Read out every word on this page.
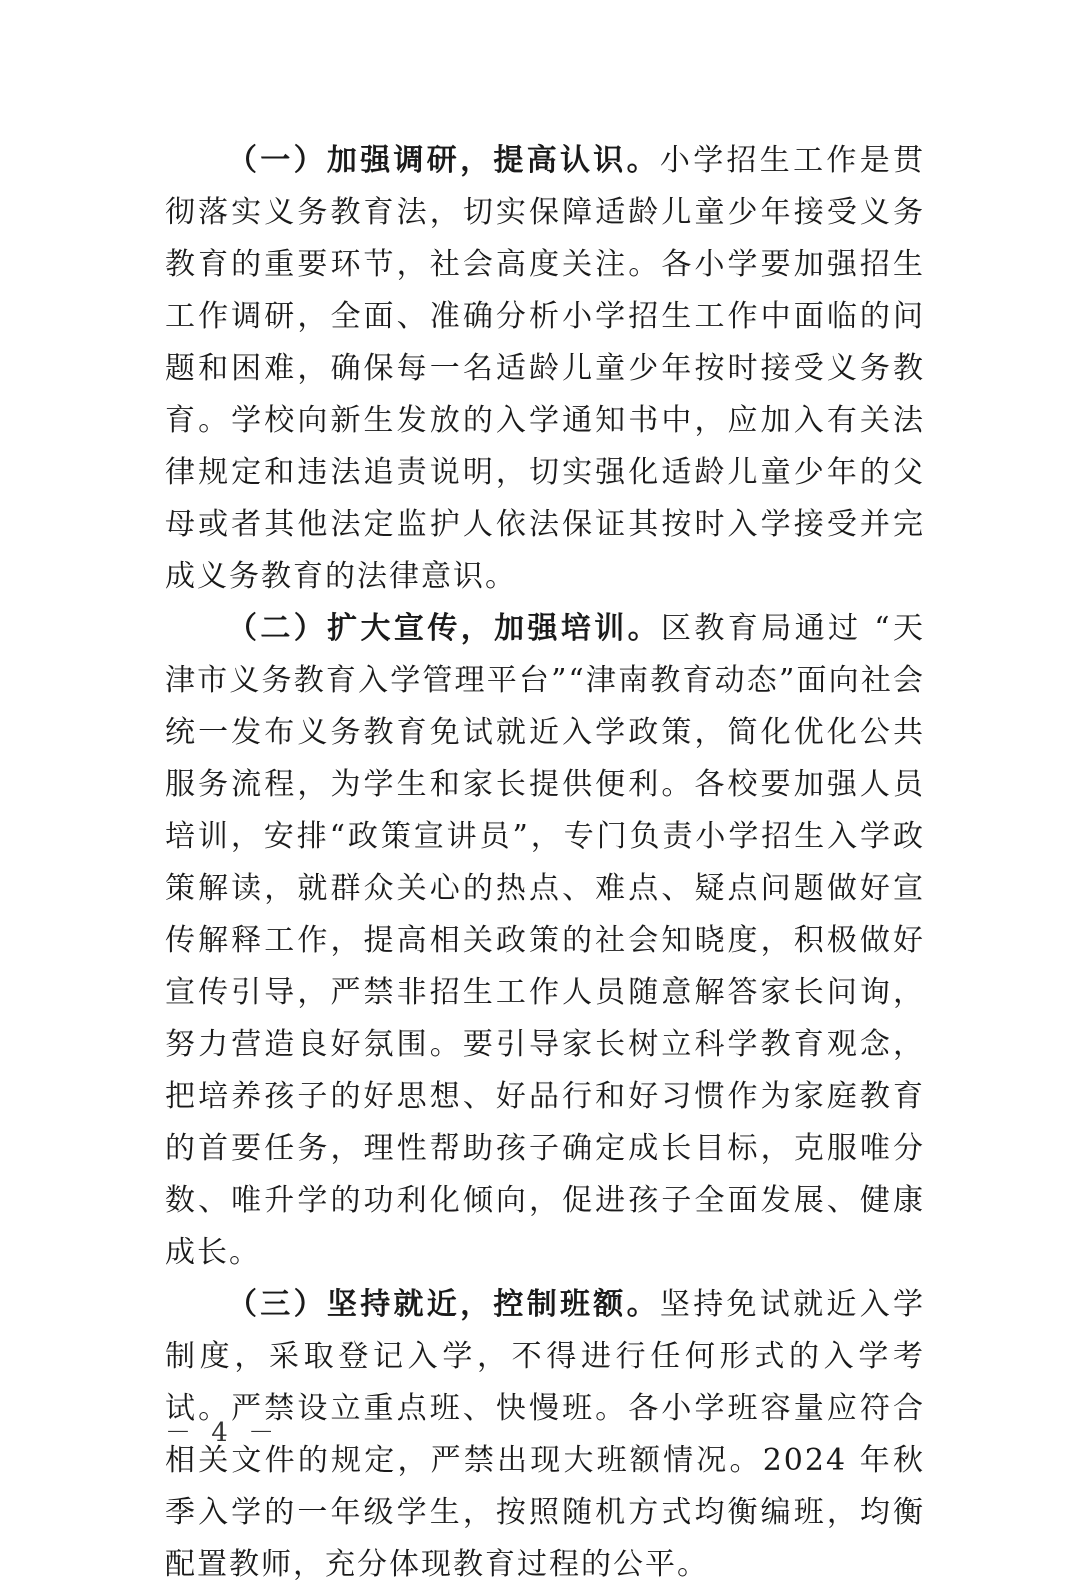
（一）加强调研，提高认识。小学招生工作是贯彻落实义务教育法，切实保障适龄儿童少年接受义务教育的重要环节，社会高度关注。各小学要加强招生工作调研，全面、准确分析小学招生工作中面临的问题和困难，确保每一名适龄儿童少年按时接受义务教育。学校向新生发放的入学通知书中，应加入有关法律规定和违法追责说明，切实强化适龄儿童少年的父母或者其他法定监护人依法保证其按时入学接受并完成义务教育的法律意识。

（二）扩大宣传，加强培训。区教育局通过 “天津市义务教育入学管理平台”“津南教育动态”面向社会统一发布义务教育免试就近入学政策，简化优化公共服务流程，为学生和家长提供便利。各校要加强人员培训，安排“政策宣讲员”，专门负责小学招生入学政策解读，就群众关心的热点、难点、疑点问题做好宣传解释工作，提高相关政策的社会知晓度，积极做好宣传引导，严禁非招生工作人员随意解答家长问询，努力营造良好氛围。要引导家长树立科学教育观念，把培养孩子的好思想、好品行和好习惯作为家庭教育的首要任务，理性帮助孩子确定成长目标，克服唯分数、唯升学的功利化倾向，促进孩子全面发展、健康成长。

（三）坚持就近，控制班额。坚持免试就近入学制度，采取登记入学，不得进行任何形式的入学考试。严禁设立重点班、快慢班。各小学班容量应符合相关文件的规定，严禁出现大班额情况。2024 年秋季入学的一年级学生，按照随机方式均衡编班，均衡配置教师，充分体现教育过程的公平。

－ 4 －
